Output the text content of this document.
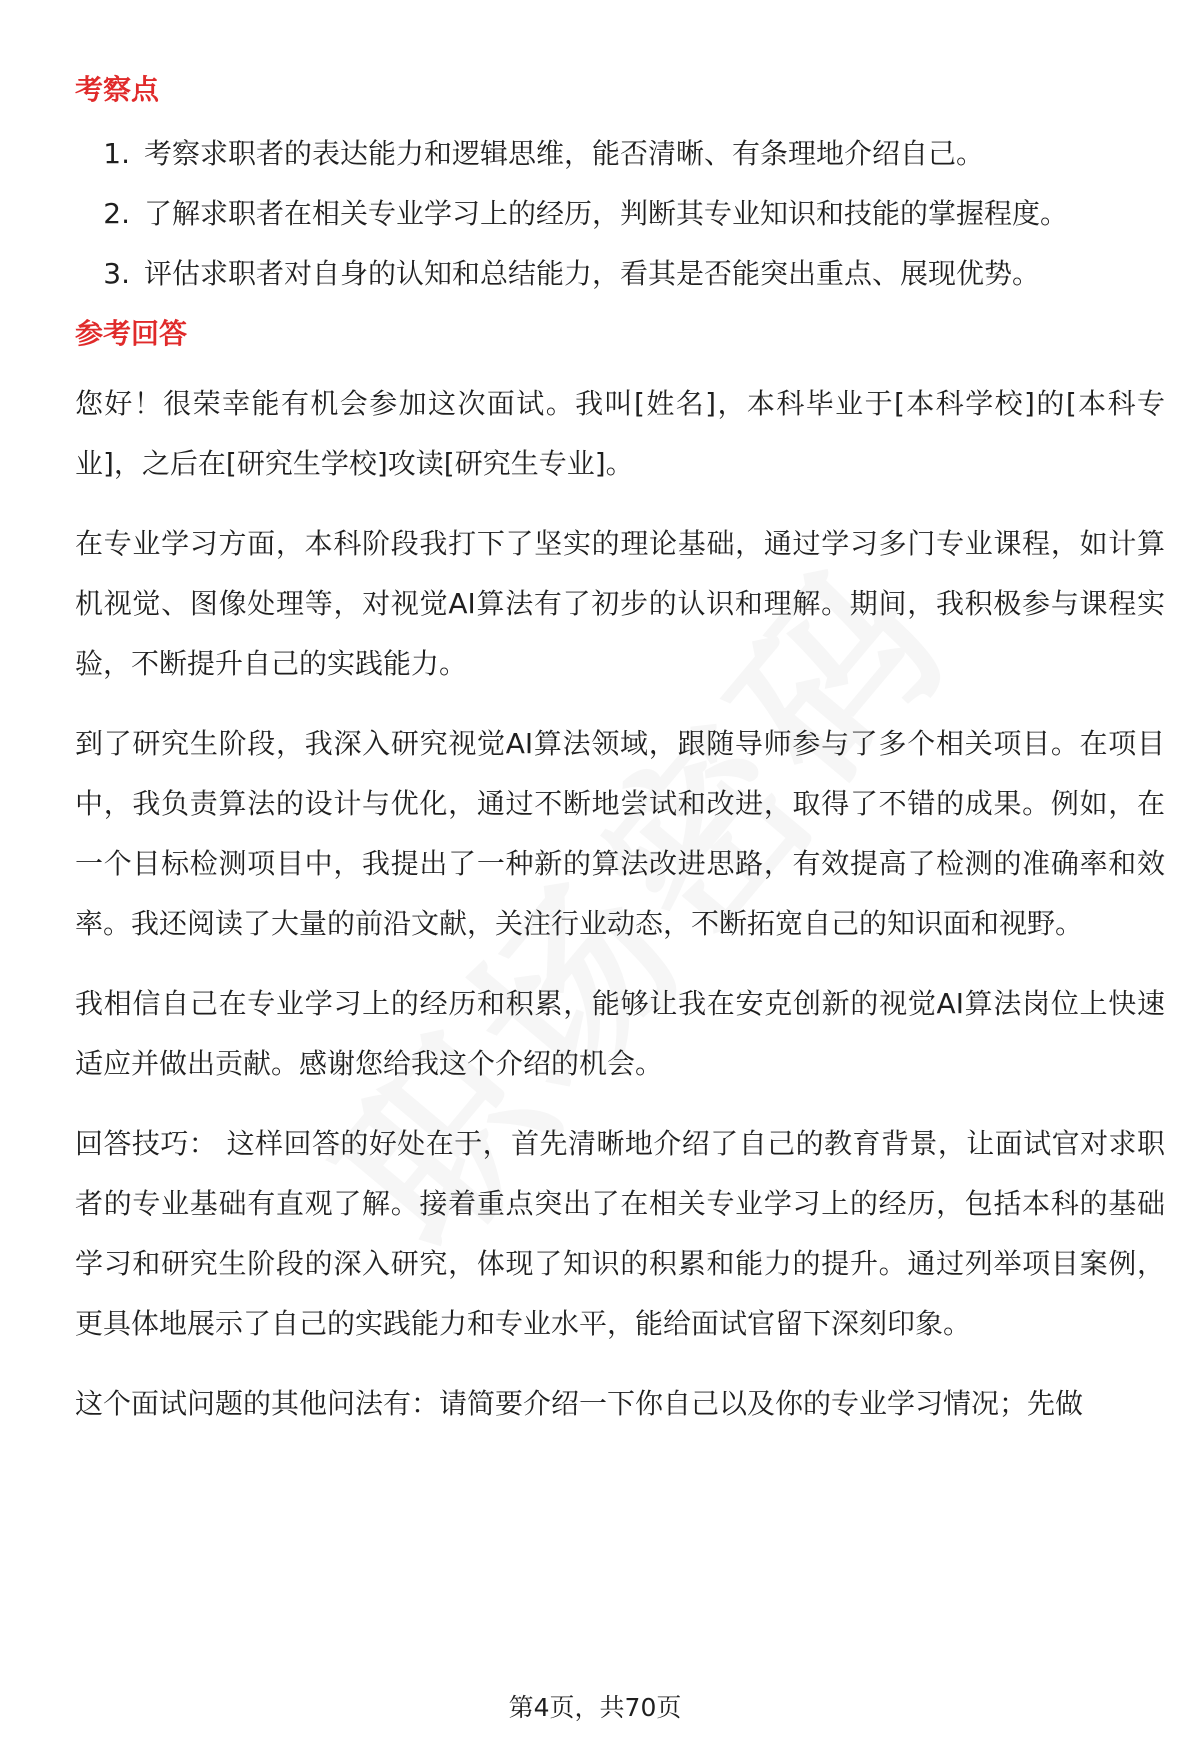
考察点
1. 考察求职者的表达能力和逻辑思维，能否清晰、有条理地介绍自己。
2. 了解求职者在相关专业学习上的经历，判断其专业知识和技能的掌握程度。
3. 评估求职者对自身的认知和总结能力，看其是否能突出重点、展现优势。
参考回答

您好！很荣幸能有机会参加这次面试。我叫[姓名]，本科毕业于[本科学校]的[本科专业]，之后在[研究生学校]攻读[研究生专业]。

在专业学习方面，本科阶段我打下了坚实的理论基础，通过学习多门专业课程，如计算机视觉、图像处理等，对视觉AI算法有了初步的认识和理解。期间，我积极参与课程实验，不断提升自己的实践能力。

到了研究生阶段，我深入研究视觉AI算法领域，跟随导师参与了多个相关项目。在项目中，我负责算法的设计与优化，通过不断地尝试和改进，取得了不错的成果。例如，在一个目标检测项目中，我提出了一种新的算法改进思路，有效提高了检测的准确率和效率。我还阅读了大量的前沿文献，关注行业动态，不断拓宽自己的知识面和视野。

我相信自己在专业学习上的经历和积累，能够让我在安克创新的视觉AI算法岗位上快速适应并做出贡献。感谢您给我这个介绍的机会。

回答技巧： 这样回答的好处在于，首先清晰地介绍了自己的教育背景，让面试官对求职者的专业基础有直观了解。接着重点突出了在相关专业学习上的经历，包括本科的基础学习和研究生阶段的深入研究，体现了知识的积累和能力的提升。通过列举项目案例，更具体地展示了自己的实践能力和专业水平，能给面试官留下深刻印象。

这个面试问题的其他问法有：请简要介绍一下你自己以及你的专业学习情况；先做

第4页，共70页
